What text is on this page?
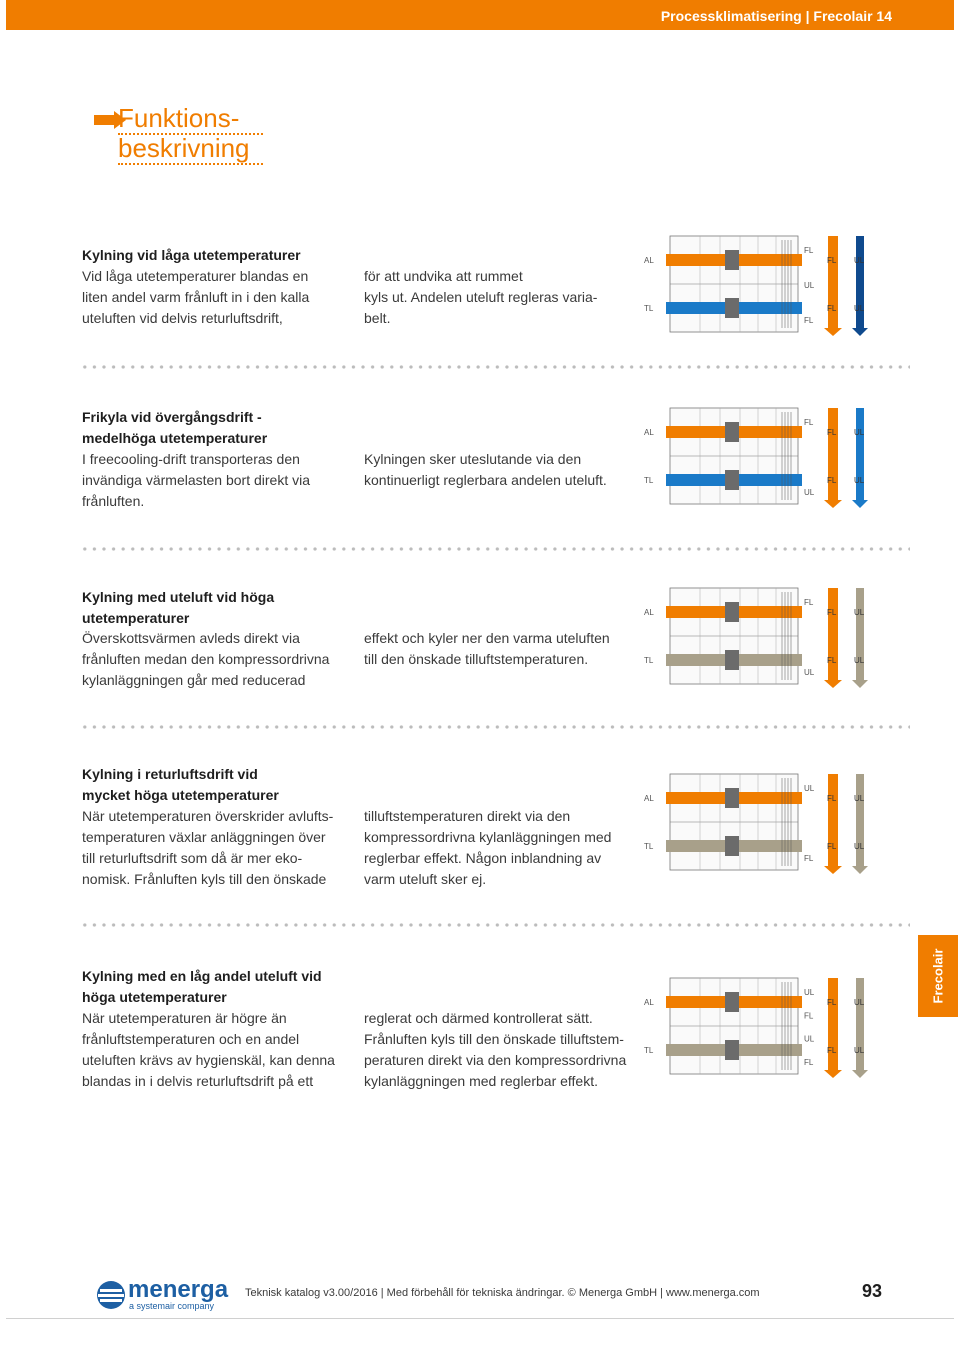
Processklimatisering | Frecolair 14
Funktions-
beskrivning
Kylning vid låga utetemperaturer
Vid låga utetemperaturer blandas en
liten andel varm frånluft in i den kalla
uteluften vid delvis returluftsdrift,
för att undvika att rummet
kyls ut. Andelen uteluft regleras varia-
belt.
AL
TL
FL
UL
FL
FL
FL
UL
UL
Frikyla vid övergångsdrift -
medelhöga utetemperaturer
I freecooling-drift transporteras den
invändiga värmelasten bort direkt via
frånluften.
Kylningen sker uteslutande via den
kontinuerligt reglerbara andelen uteluft.
AL
TL
FL
UL
FL
FL
UL
UL
Kylning med uteluft vid höga
utetemperaturer
Överskottsvärmen avleds direkt via
frånluften medan den kompressordrivna
kylanläggningen går med reducerad
effekt och kyler ner den varma uteluften
till den önskade tilluftstemperaturen.
AL
TL
FL
UL
FL
FL
UL
UL
Kylning i returluftsdrift vid
mycket höga utetemperaturer
När utetemperaturen överskrider avlufts-
temperaturen växlar anläggningen över
till returluftsdrift som då är mer eko-
nomisk. Frånluften kyls till den önskade
tilluftstemperaturen direkt via den
kompressordrivna kylanläggningen med
reglerbar effekt. Någon inblandning av
varm uteluft sker ej.
AL
TL
UL
FL
FL
FL
UL
UL
Kylning med en låg andel uteluft vid
höga utetemperaturer
När utetemperaturen är högre än
frånluftstemperaturen och en andel
uteluften krävs av hygienskäl, kan denna
blandas in i delvis returluftsdrift på ett
reglerat och därmed kontrollerat sätt.
Frånluften kyls till den önskade tilluftstem-
peraturen direkt via den kompressordrivna
kylanläggningen med reglerbar effekt.
AL
TL
UL
FL
UL
FL
FL
FL
UL
UL
Frecolair
menerga
a systemair company
Teknisk katalog v3.00/2016 | Med förbehåll för tekniska ändringar. © Menerga GmbH | www.menerga.com	93
